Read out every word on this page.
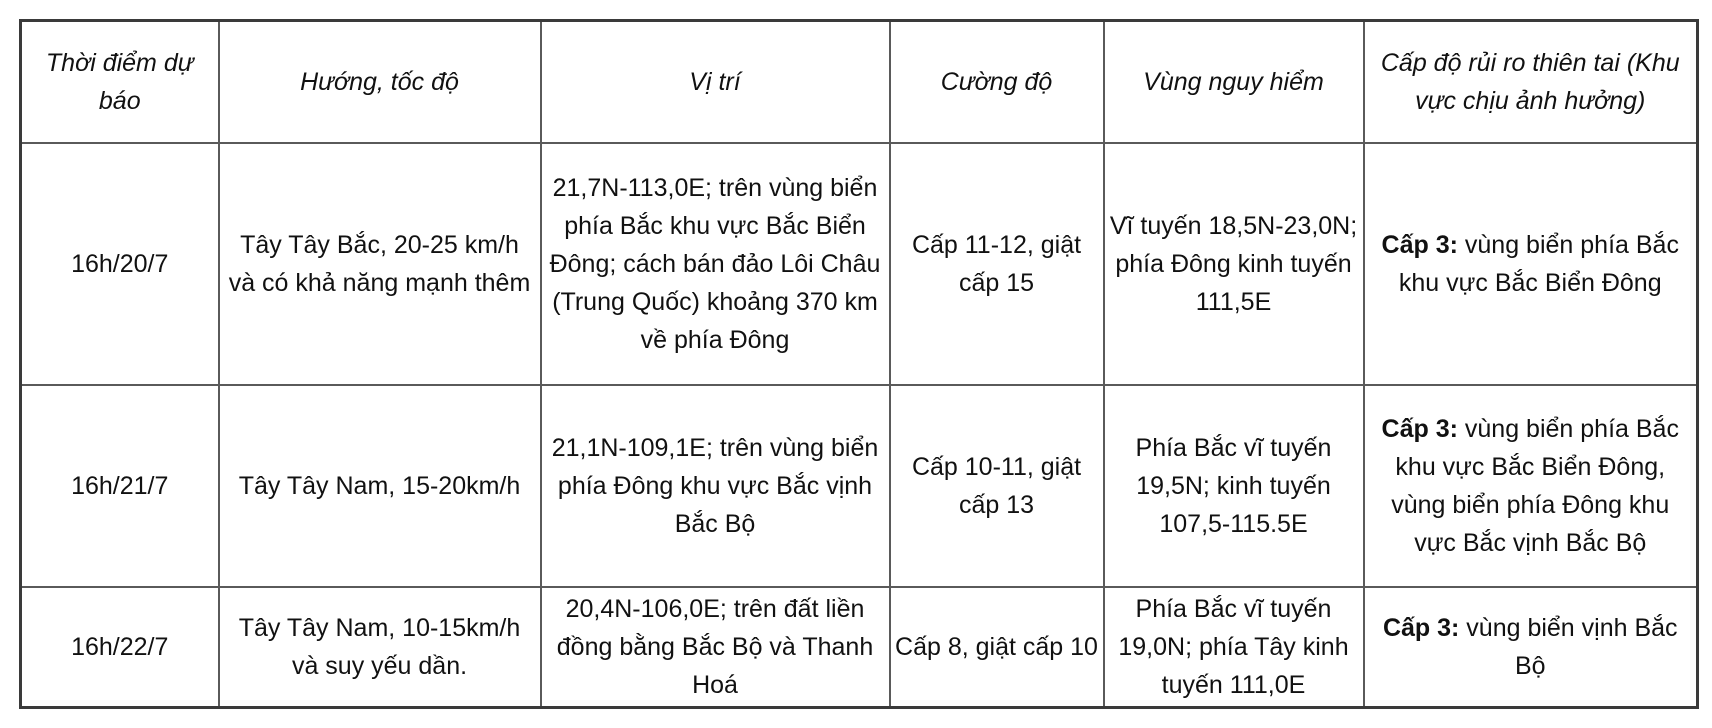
Thời điểm dự báo	Hướng, tốc độ	Vị trí	Cường độ	Vùng nguy hiểm	Cấp độ rủi ro thiên tai (Khu vực chịu ảnh hưởng)
16h/20/7	Tây Tây Bắc, 20-25 km/h và có khả năng mạnh thêm	21,7N-113,0E; trên vùng biển phía Bắc khu vực Bắc Biển Đông; cách bán đảo Lôi Châu (Trung Quốc) khoảng 370 km về phía Đông	Cấp 11-12, giật cấp 15	Vĩ tuyến 18,5N-23,0N; phía Đông kinh tuyến 111,5E	Cấp 3: vùng biển phía Bắc khu vực Bắc Biển Đông
16h/21/7	Tây Tây Nam, 15-20km/h	21,1N-109,1E; trên vùng biển phía Đông khu vực Bắc vịnh Bắc Bộ	Cấp 10-11, giật cấp 13	Phía Bắc vĩ tuyến 19,5N; kinh tuyến 107,5-115.5E	Cấp 3: vùng biển phía Bắc khu vực Bắc Biển Đông, vùng biển phía Đông khu vực Bắc vịnh Bắc Bộ
16h/22/7	Tây Tây Nam, 10-15km/h và suy yếu dần.	20,4N-106,0E; trên đất liền đồng bằng Bắc Bộ và Thanh Hoá	Cấp 8, giật cấp 10	Phía Bắc vĩ tuyến 19,0N; phía Tây kinh tuyến 111,0E	Cấp 3: vùng biển vịnh Bắc Bộ
